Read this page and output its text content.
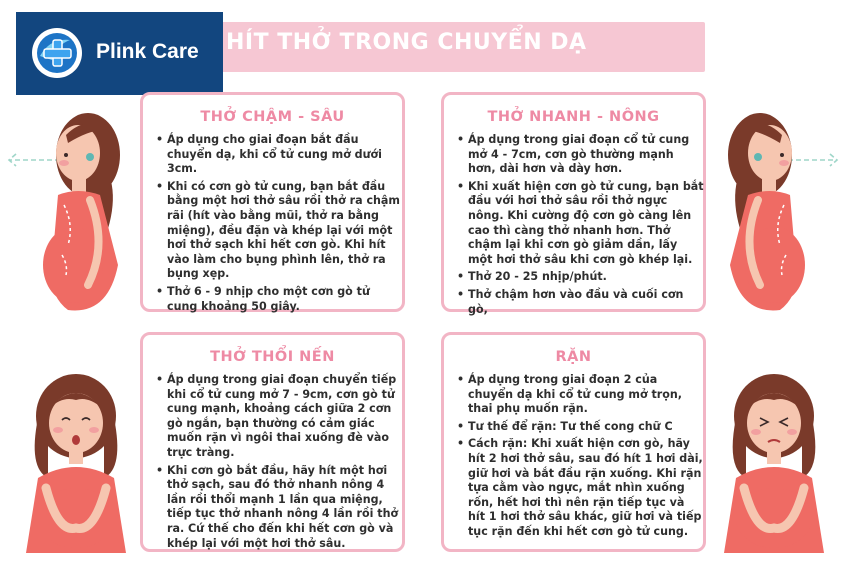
HÍT THỞ TRONG CHUYỂN DẠ
Plink Care
THỞ CHẬM - SÂU
• Áp dụng cho giai đoạn bắt đầu chuyển dạ, khi cổ tử cung mở dưới 3cm.
• Khi có cơn gò tử cung, bạn bắt đầu bằng một hơi thở sâu rồi thở ra chậm rãi (hít vào bằng mũi, thở ra bằng miệng), đều đặn và khép lại với một hơi thở sạch khi hết cơn gò. Khi hít vào làm cho bụng phình lên, thở ra bụng xẹp.
• Thở 6 - 9 nhịp cho một cơn gò tử cung khoảng 50 giây.
THỞ NHANH - NÔNG
• Áp dụng trong giai đoạn cổ tử cung mở 4 - 7cm, cơn gò thường mạnh hơn, dài hơn và dày hơn.
• Khi xuất hiện cơn gò tử cung, bạn bắt đầu với hơi thở sâu rồi thở ngực nông. Khi cường độ cơn gò càng lên cao thì càng thở nhanh hơn. Thở chậm lại khi cơn gò giảm dần, lấy một hơi thở sâu khi cơn gò khép lại.
• Thở 20 - 25 nhịp/phút.
• Thở chậm hơn vào đầu và cuối cơn gò,
THỞ THỔI NẾN
• Áp dụng trong giai đoạn chuyển tiếp khi cổ tử cung mở 7 - 9cm, cơn gò tử cung mạnh, khoảng cách giữa 2 cơn gò ngắn, bạn thường có cảm giác muốn rặn vì ngôi thai xuống đè vào trực tràng.
• Khi cơn gò bắt đầu, hãy hít một hơi thở sạch, sau đó thở nhanh nông 4 lần rồi thổi mạnh 1 lần qua miệng, tiếp tục thở nhanh nông 4 lần rồi thở ra. Cứ thế cho đến khi hết cơn gò và khép lại với một hơi thở sâu.
RẶN
• Áp dụng trong giai đoạn 2 của chuyển dạ khi cổ tử cung mở trọn, thai phụ muốn rặn.
• Tư thế để rặn: Tư thế cong chữ C
• Cách rặn: Khi xuất hiện cơn gò, hãy hít 2 hơi thở sâu, sau đó hít 1 hơi dài, giữ hơi và bắt đầu rặn xuống. Khi rặn tựa cằm vào ngực, mắt nhìn xuống rốn, hết hơi thì nên rặn tiếp tục và hít 1 hơi thở sâu khác, giữ hơi và tiếp tục rặn đến khi hết cơn gò tử cung.
